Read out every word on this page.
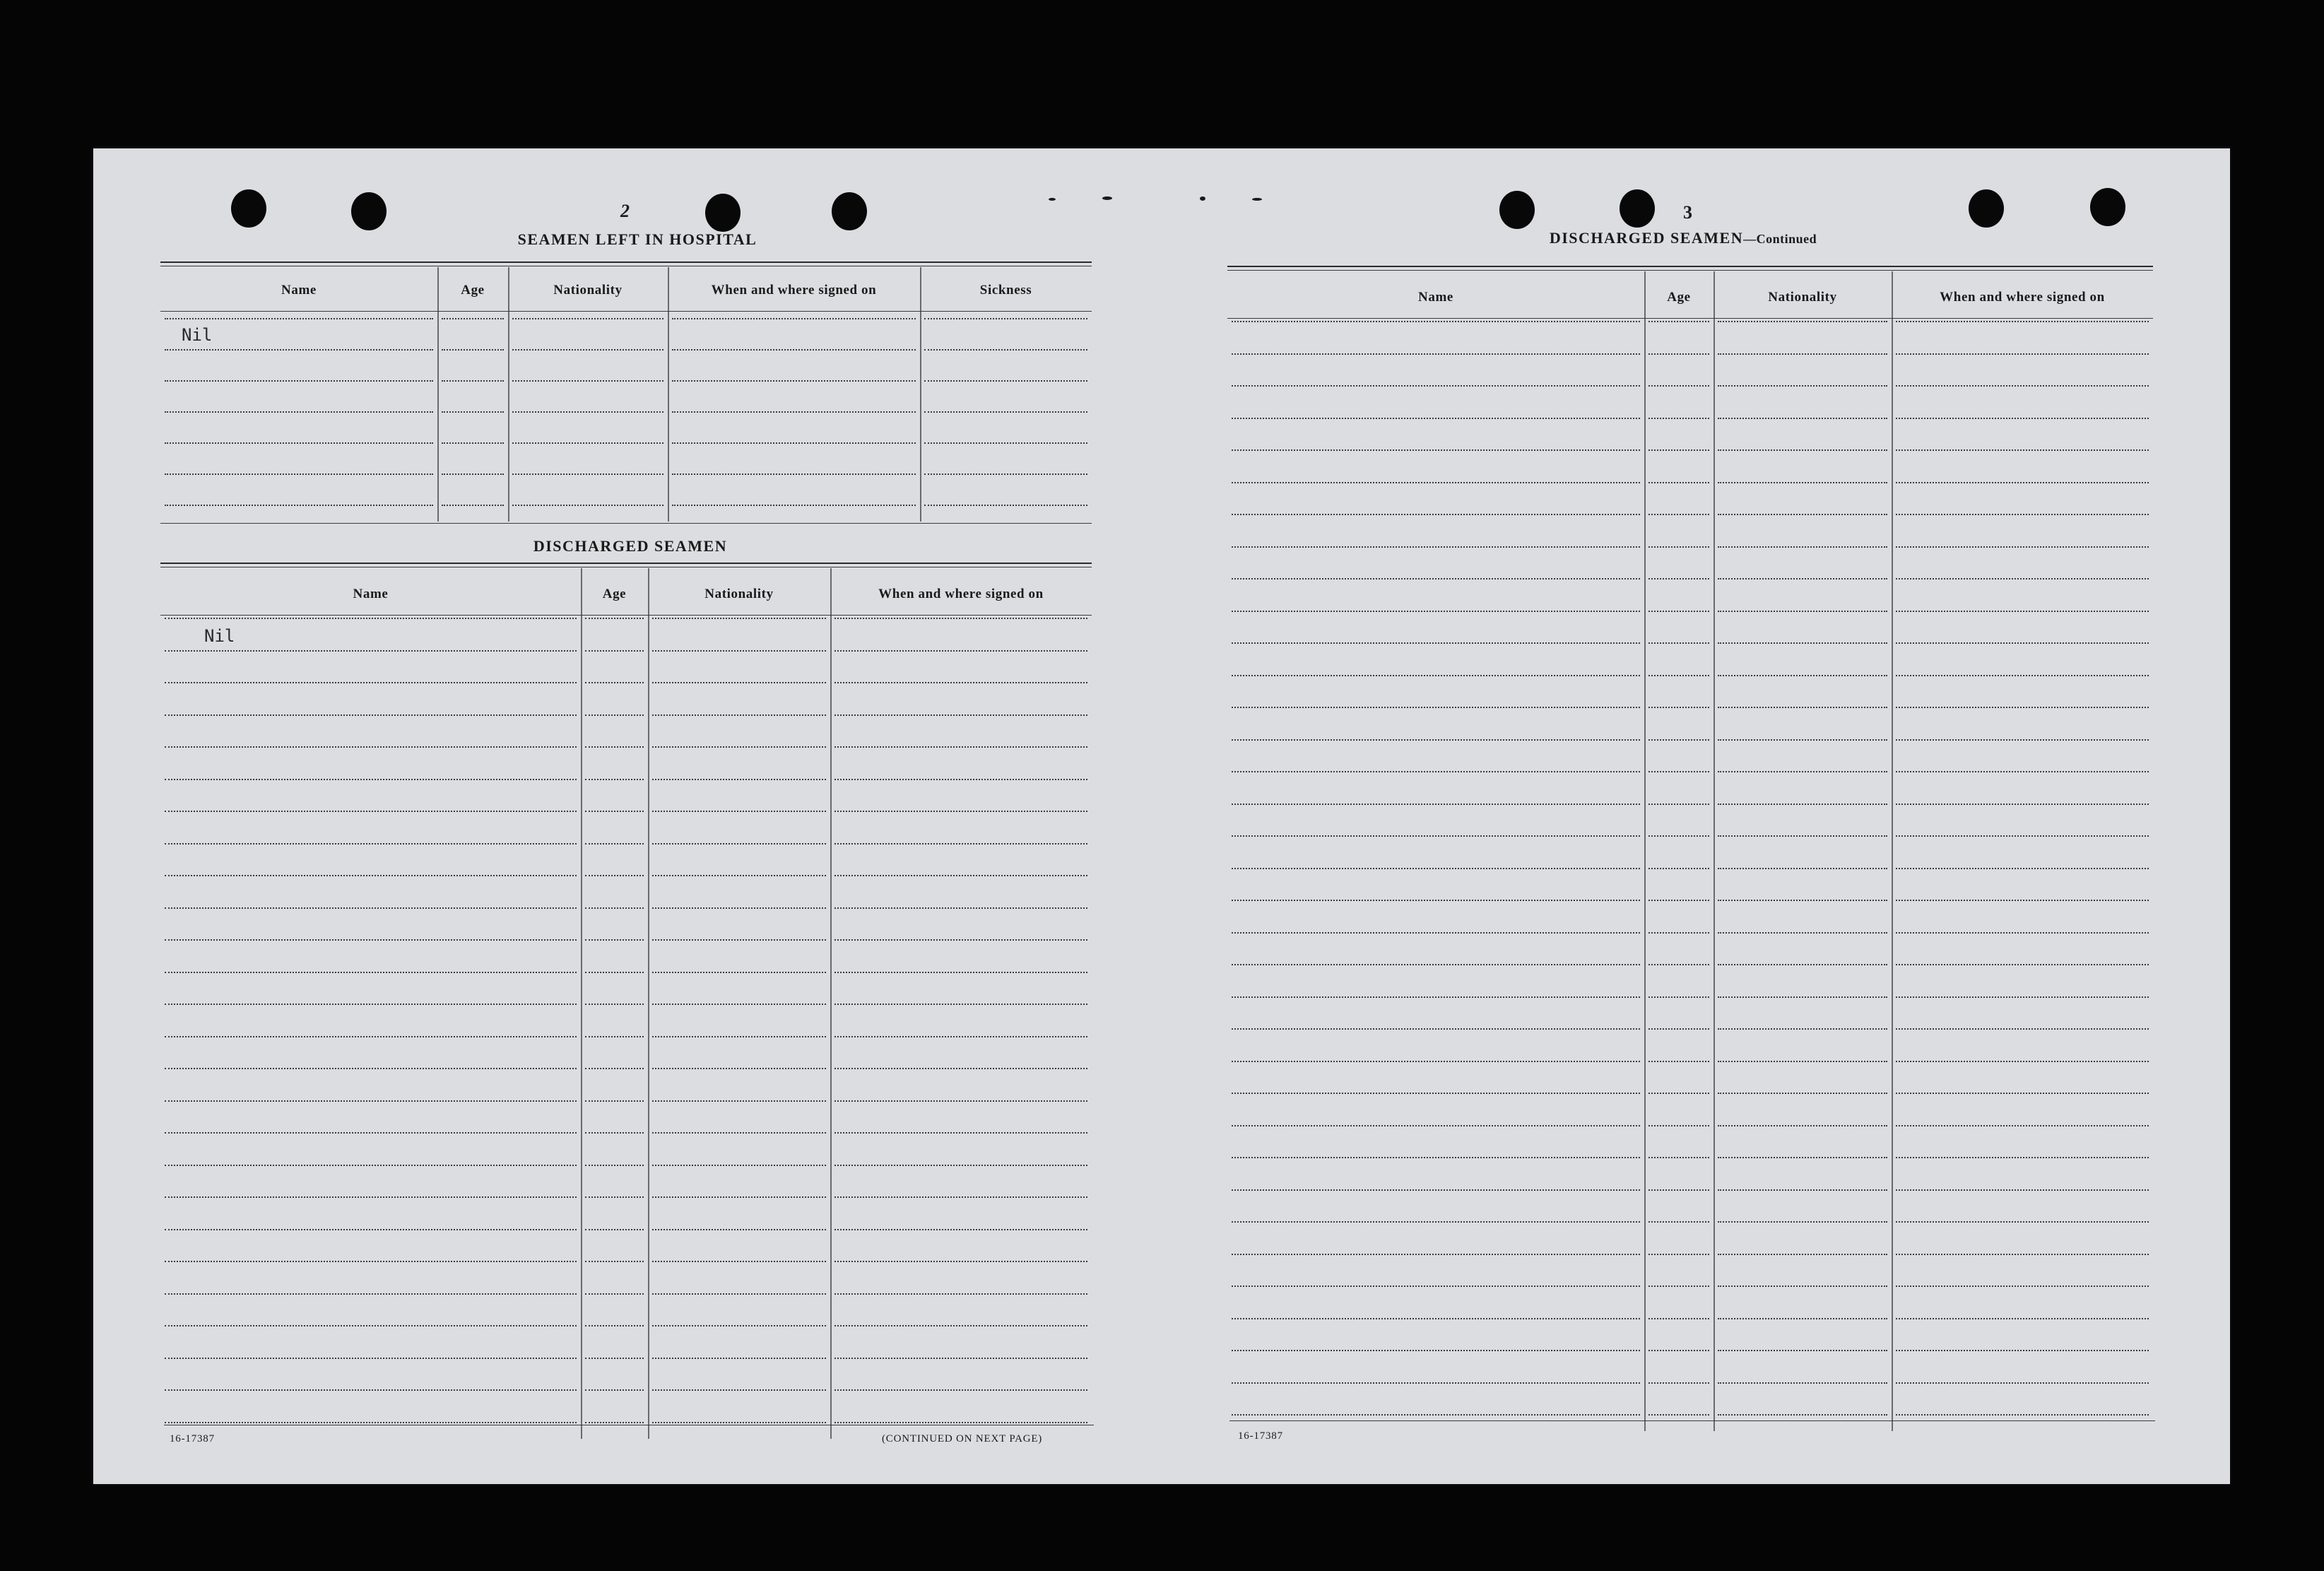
2
SEAMEN LEFT IN HOSPITAL
Name	Age	Nationality	When and where signed on	Sickness
Nil
DISCHARGED SEAMEN
Name	Age	Nationality	When and where signed on
Nil
16-17387	(CONTINUED ON NEXT PAGE)
3
DISCHARGED SEAMEN—Continued
Name	Age	Nationality	When and where signed on
16-17387
